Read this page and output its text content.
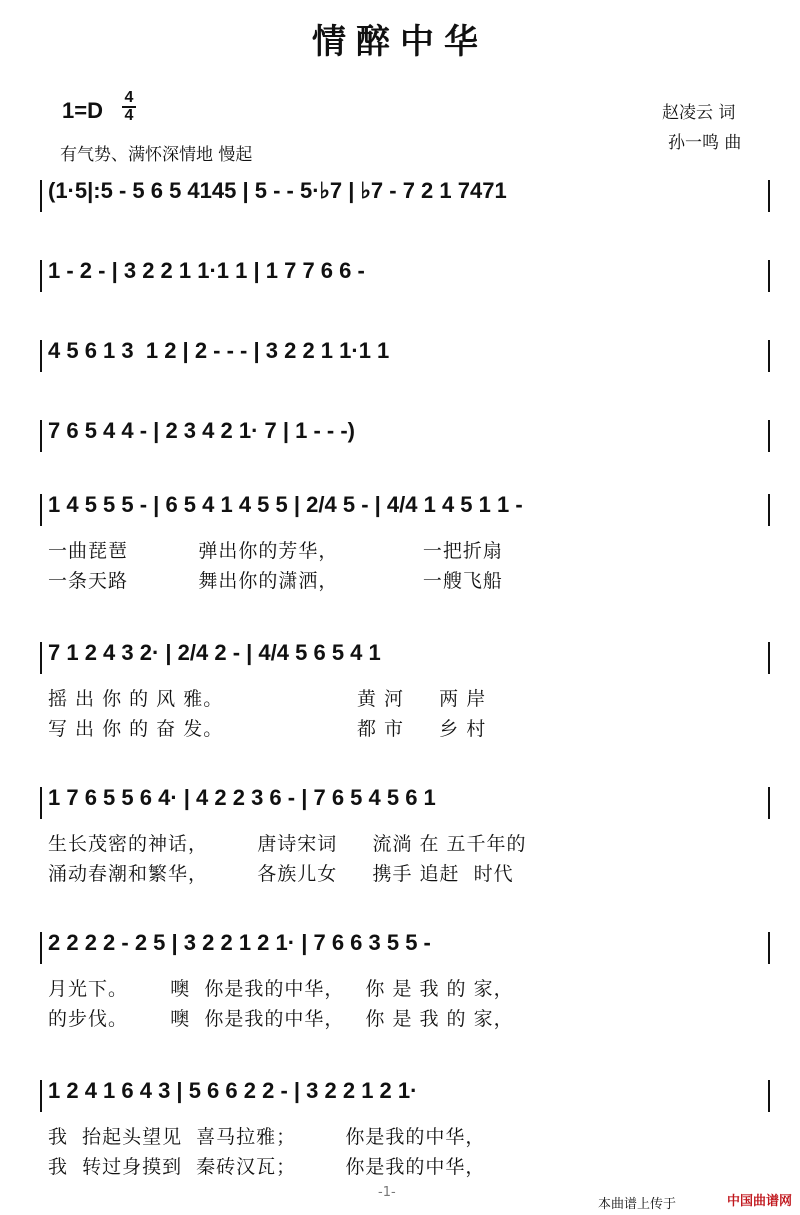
情醉中华
1=D
4
4
有气势、满怀深情地 慢起
赵凌云 词
孙一鸣 曲
(1·5|:5 - 5 6 5 4145 | 5 - - 5·♭7 | ♭7 - 7 2 1 7471
1 - 2 - | 3 2 2 1 1·1 1 | 1 7 7 6 6 -
4 5 6 1 3  1 2 | 2 - - - | 3 2 2 1 1·1 1
7 6 5 4 4 - | 2 3 4 2 1· 7 | 1 - - -)
1 4 5 5 5 - | 6 5 4 1 4 5 5 | 2/4 5 - | 4/4 1 4 5 1 1 -
一曲琵琶          弹出你的芳华，            一把折扇
一条天路          舞出你的潇洒，            一艘飞船
7 1 2 4 3 2· | 2/4 2 - | 4/4 5 6 5 4 1
摇 出 你 的 风 雅。                   黄 河     两 岸
写 出 你 的 奋 发。                   都 市     乡 村
1 7 6 5 5 6 4· | 4 2 2 3 6 - | 7 6 5 4 5 6 1
生长茂密的神话，       唐诗宋词     流淌 在 五千年的
涌动春潮和繁华，       各族儿女     携手 追赶  时代
2 2 2 2 - 2 5 | 3 2 2 1 2 1· | 7 6 6 3 5 5 -
月光下。      噢  你是我的中华，   你 是 我 的 家，
的步伐。      噢  你是我的中华，   你 是 我 的 家，
1 2 4 1 6 4 3 | 5 6 6 2 2 - | 3 2 2 1 2 1·
我  抬起头望见  喜马拉雅；       你是我的中华，
我  转过身摸到  秦砖汉瓦；       你是我的中华，
-1-
本曲谱上传于	中国曲谱网
